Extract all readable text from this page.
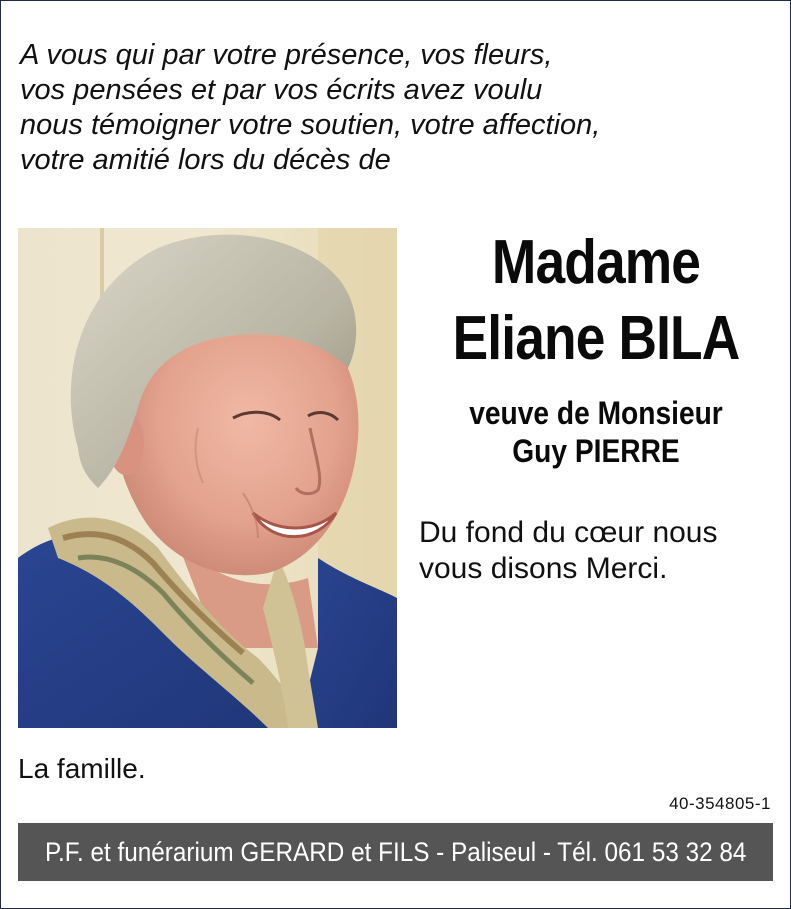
A vous qui par votre présence, vos fleurs,
vos pensées et par vos écrits avez voulu
nous témoigner votre soutien, votre affection,
votre amitié lors du décès de
Madame
Eliane BILA
veuve de Monsieur
Guy PIERRE
Du fond du cœur nous
vous disons Merci.
La famille.
40-354805-1
P.F. et funérarium GERARD et FILS - Paliseul - Tél. 061 53 32 84
